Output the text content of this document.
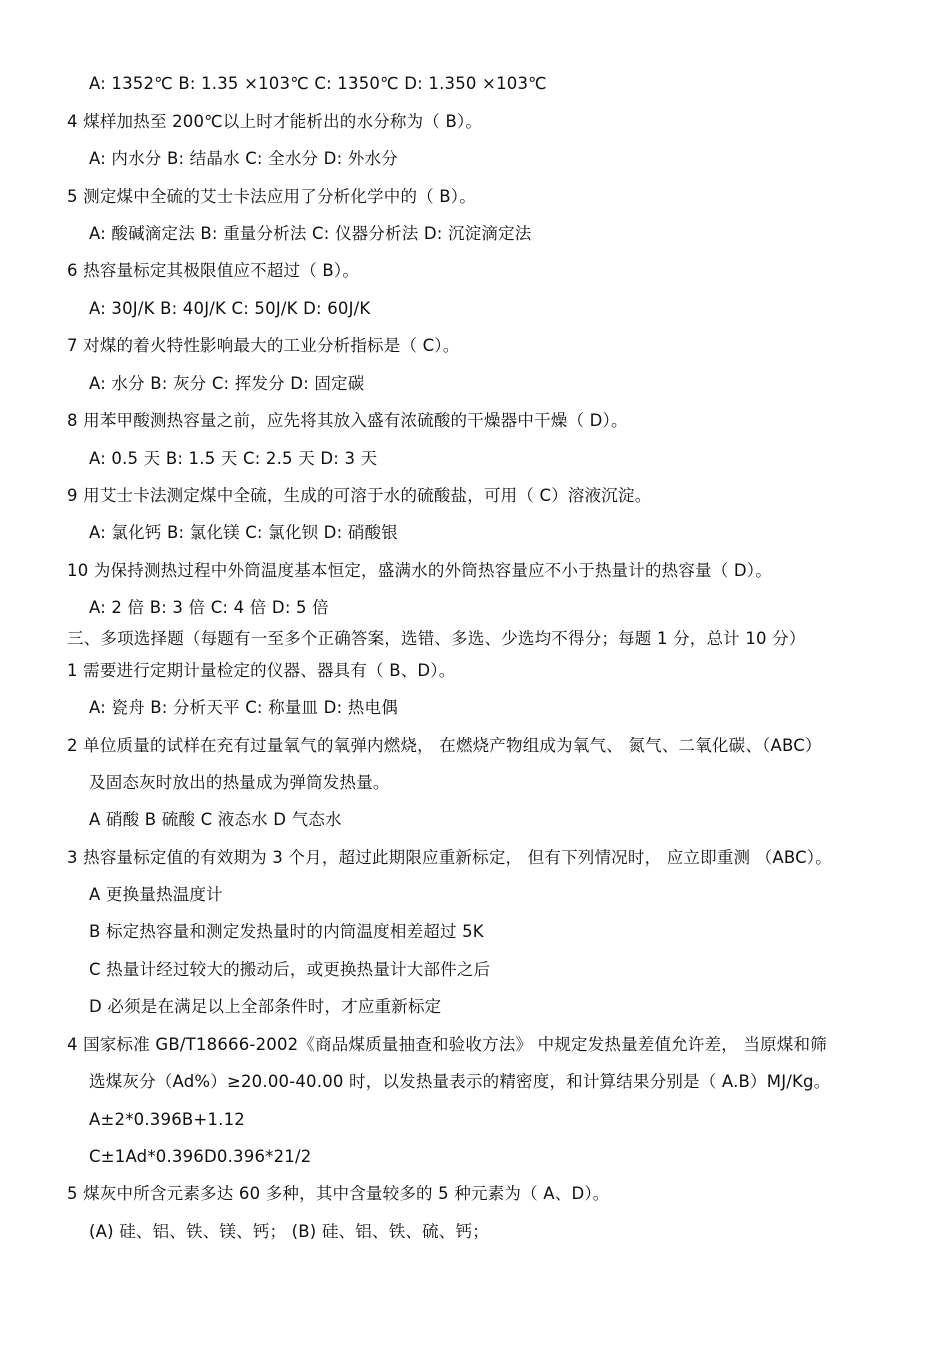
A: 1352℃ B: 1.35 ×103℃ C: 1350℃ D: 1.350 ×103℃
4 煤样加热至 200℃以上时才能析出的水分称为（ B）。
A: 内水分 B: 结晶水 C: 全水分 D: 外水分
5 测定煤中全硫的艾士卡法应用了分析化学中的（ B）。
A: 酸碱滴定法 B: 重量分析法 C: 仪器分析法 D: 沉淀滴定法
6 热容量标定其极限值应不超过（ B）。
A: 30J/K B: 40J/K C: 50J/K D: 60J/K
7 对煤的着火特性影响最大的工业分析指标是（ C）。
A: 水分 B: 灰分 C: 挥发分 D: 固定碳
8 用苯甲酸测热容量之前，应先将其放入盛有浓硫酸的干燥器中干燥（ D）。
A: 0.5 天 B: 1.5 天 C: 2.5 天 D: 3 天
9 用艾士卡法测定煤中全硫，生成的可溶于水的硫酸盐，可用（ C）溶液沉淀。
A: 氯化钙 B: 氯化镁 C: 氯化钡 D: 硝酸银
10 为保持测热过程中外筒温度基本恒定，盛满水的外筒热容量应不小于热量计的热容量（ D）。
A: 2 倍 B: 3 倍 C: 4 倍 D: 5 倍
三、多项选择题（每题有一至多个正确答案，选错、多选、少选均不得分；每题 1 分，总计 10 分）
1 需要进行定期计量检定的仪器、器具有（ B、D）。
A: 瓷舟 B: 分析天平 C: 称量皿 D: 热电偶
2 单位质量的试样在充有过量氧气的氧弹内燃烧， 在燃烧产物组成为氧气、 氮气、二氧化碳、（ABC）
及固态灰时放出的热量成为弹筒发热量。
A 硝酸 B 硫酸 C 液态水 D 气态水
3 热容量标定值的有效期为 3 个月，超过此期限应重新标定， 但有下列情况时， 应立即重测 （ABC）。
A 更换量热温度计
B 标定热容量和测定发热量时的内筒温度相差超过 5K
C 热量计经过较大的搬动后，或更换热量计大部件之后
D 必须是在满足以上全部条件时，才应重新标定
4 国家标准 GB/T18666-2002《商品煤质量抽查和验收方法》 中规定发热量差值允许差， 当原煤和筛
选煤灰分（Ad%）≥20.00-40.00 时，以发热量表示的精密度，和计算结果分别是（ A.B）MJ/Kg。
A±2*0.396B+1.12
C±1Ad*0.396D0.396*21/2
5 煤灰中所含元素多达 60 多种，其中含量较多的 5 种元素为（ A、D）。
(A) 硅、铝、铁、镁、钙； (B) 硅、铝、铁、硫、钙；
